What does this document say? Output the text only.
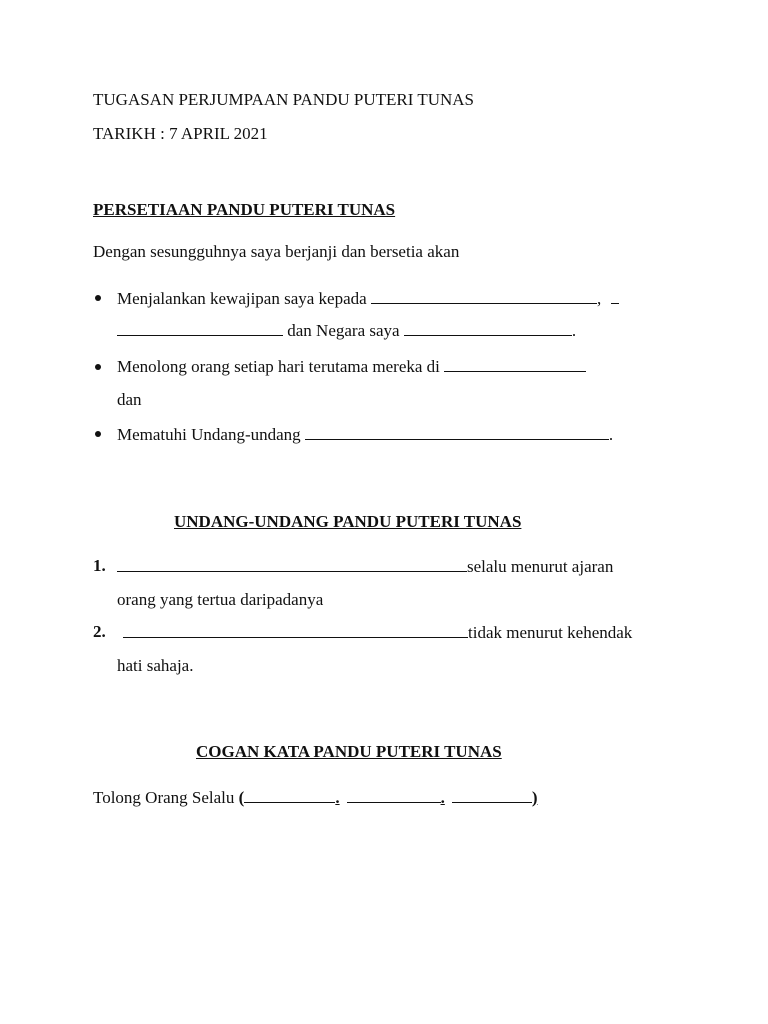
TUGASAN PERJUMPAAN PANDU PUTERI TUNAS
TARIKH : 7 APRIL 2021
PERSETIAAN PANDU PUTERI TUNAS
Dengan sesungguhnya saya berjanji dan bersetia akan
Menjalankan kewajipan saya kepada	,
dan Negara saya	.
Menolong orang setiap hari terutama mereka di
dan
Mematuhi Undang-undang	.
UNDANG-UNDANG PANDU PUTERI TUNAS
1.	selalu menurut ajaran
orang yang tertua daripadanya
2.	tidak menurut kehendak
hati sahaja.
COGAN KATA PANDU PUTERI TUNAS
Tolong Orang Selalu (	.	.	)
